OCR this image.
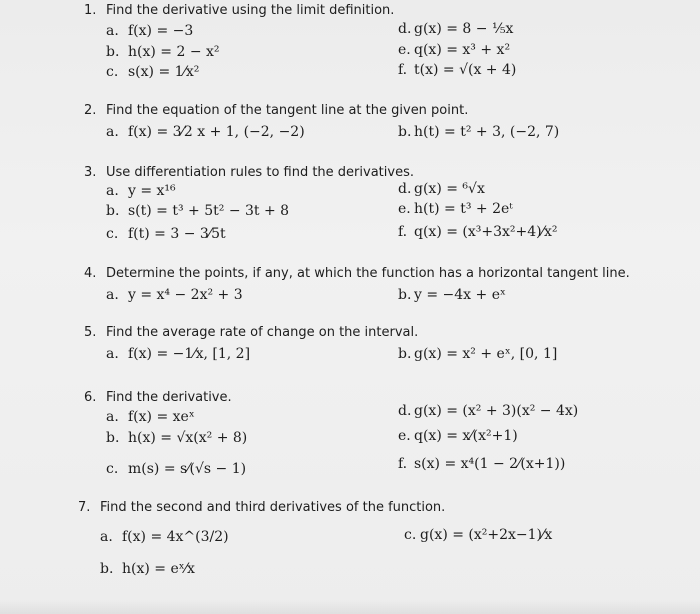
1. Find the derivative using the limit definition.
a. f(x) = −3
b. h(x) = 2 − x²
c. s(x) = 1⁄x²
d. g(x) = 8 − ⅕x
e. q(x) = x³ + x²
f. t(x) = √(x + 4)
2. Find the equation of the tangent line at the given point.
a. f(x) = 3⁄2 x + 1, (−2, −2)	b. h(t) = t² + 3, (−2, 7)
3. Use differentiation rules to find the derivatives.
a. y = x¹⁶
b. s(t) = t³ + 5t² − 3t + 8
c. f(t) = 3 − 3⁄5t
d. g(x) = ⁶√x
e. h(t) = t³ + 2eᵗ
f. q(x) = (x³+3x²+4)⁄x²
4. Determine the points, if any, at which the function has a horizontal tangent line.
a. y = x⁴ − 2x² + 3	b. y = −4x + eˣ
5. Find the average rate of change on the interval.
a. f(x) = −1⁄x, [1, 2]	b. g(x) = x² + eˣ, [0, 1]
6. Find the derivative.
a. f(x) = xeˣ
b. h(x) = √x(x² + 8)
c. m(s) = s⁄(√s − 1)
d. g(x) = (x² + 3)(x² − 4x)
e. q(x) = x⁄(x²+1)
f. s(x) = x⁴(1 − 2⁄(x+1))
7. Find the second and third derivatives of the function.
a. f(x) = 4x^(3/2)
b. h(x) = eˣ⁄x
c. g(x) = (x²+2x−1)⁄x
